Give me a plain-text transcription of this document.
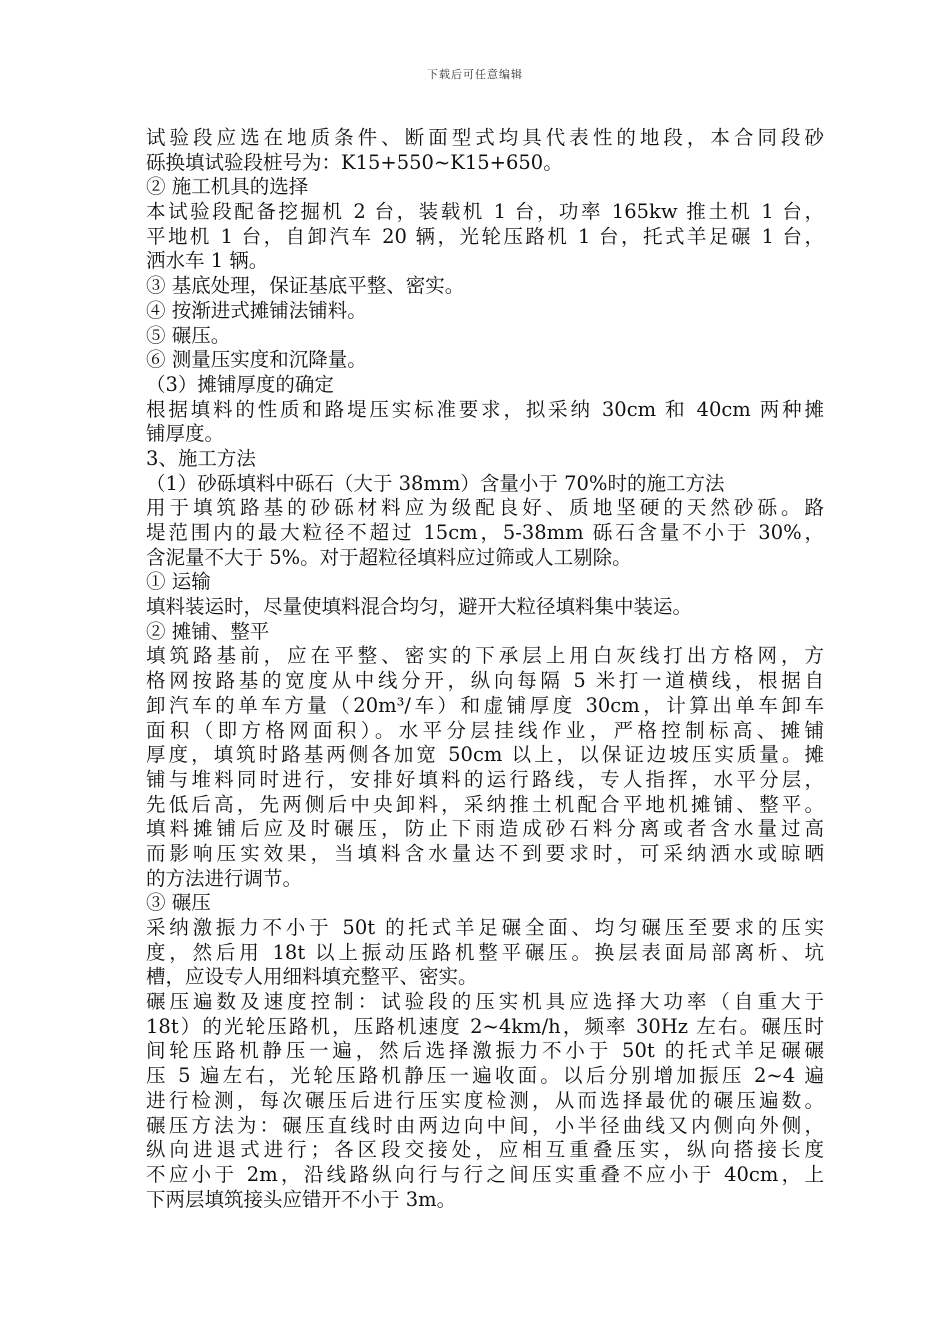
下载后可任意编辑
试验段应选在地质条件、断面型式均具代表性的地段，本合同段砂
砾换填试验段桩号为：K15+550~K15+650。
② 施工机具的选择
本试验段配备挖掘机 2 台，装载机 1 台，功率 165kw 推土机 1 台，
平地机 1 台，自卸汽车 20 辆，光轮压路机 1 台，托式羊足碾 1 台，
洒水车 1 辆。
③ 基底处理，保证基底平整、密实。
④ 按渐进式摊铺法铺料。
⑤ 碾压。
⑥ 测量压实度和沉降量。
（3）摊铺厚度的确定
根据填料的性质和路堤压实标准要求，拟采纳 30cm 和 40cm 两种摊
铺厚度。
3、施工方法
（1）砂砾填料中砾石（大于 38mm）含量小于 70%时的施工方法
用于填筑路基的砂砾材料应为级配良好、质地坚硬的天然砂砾。路
堤范围内的最大粒径不超过 15cm，5-38mm 砾石含量不小于 30%，
含泥量不大于 5%。对于超粒径填料应过筛或人工剔除。
① 运输
填料装运时，尽量使填料混合均匀，避开大粒径填料集中装运。
② 摊铺、整平
填筑路基前，应在平整、密实的下承层上用白灰线打出方格网，方
格网按路基的宽度从中线分开，纵向每隔 5 米打一道横线，根据自
卸汽车的单车方量（20m³/车）和虚铺厚度 30cm，计算出单车卸车
面积（即方格网面积）。水平分层挂线作业，严格控制标高、摊铺
厚度，填筑时路基两侧各加宽 50cm 以上，以保证边坡压实质量。摊
铺与堆料同时进行，安排好填料的运行路线，专人指挥，水平分层，
先低后高，先两侧后中央卸料，采纳推土机配合平地机摊铺、整平。
填料摊铺后应及时碾压，防止下雨造成砂石料分离或者含水量过高
而影响压实效果，当填料含水量达不到要求时，可采纳洒水或晾晒
的方法进行调节。
③ 碾压
采纳激振力不小于 50t 的托式羊足碾全面、均匀碾压至要求的压实
度，然后用 18t 以上振动压路机整平碾压。换层表面局部离析、坑
槽，应设专人用细料填充整平、密实。
碾压遍数及速度控制：试验段的压实机具应选择大功率（自重大于
18t）的光轮压路机，压路机速度 2~4km/h，频率 30Hz 左右。碾压时
间轮压路机静压一遍，然后选择激振力不小于 50t 的托式羊足碾碾
压 5 遍左右，光轮压路机静压一遍收面。以后分别增加振压 2~4 遍
进行检测，每次碾压后进行压实度检测，从而选择最优的碾压遍数。
碾压方法为：碾压直线时由两边向中间，小半径曲线又内侧向外侧，
纵向进退式进行；各区段交接处，应相互重叠压实，纵向搭接长度
不应小于 2m，沿线路纵向行与行之间压实重叠不应小于 40cm，上
下两层填筑接头应错开不小于 3m。
